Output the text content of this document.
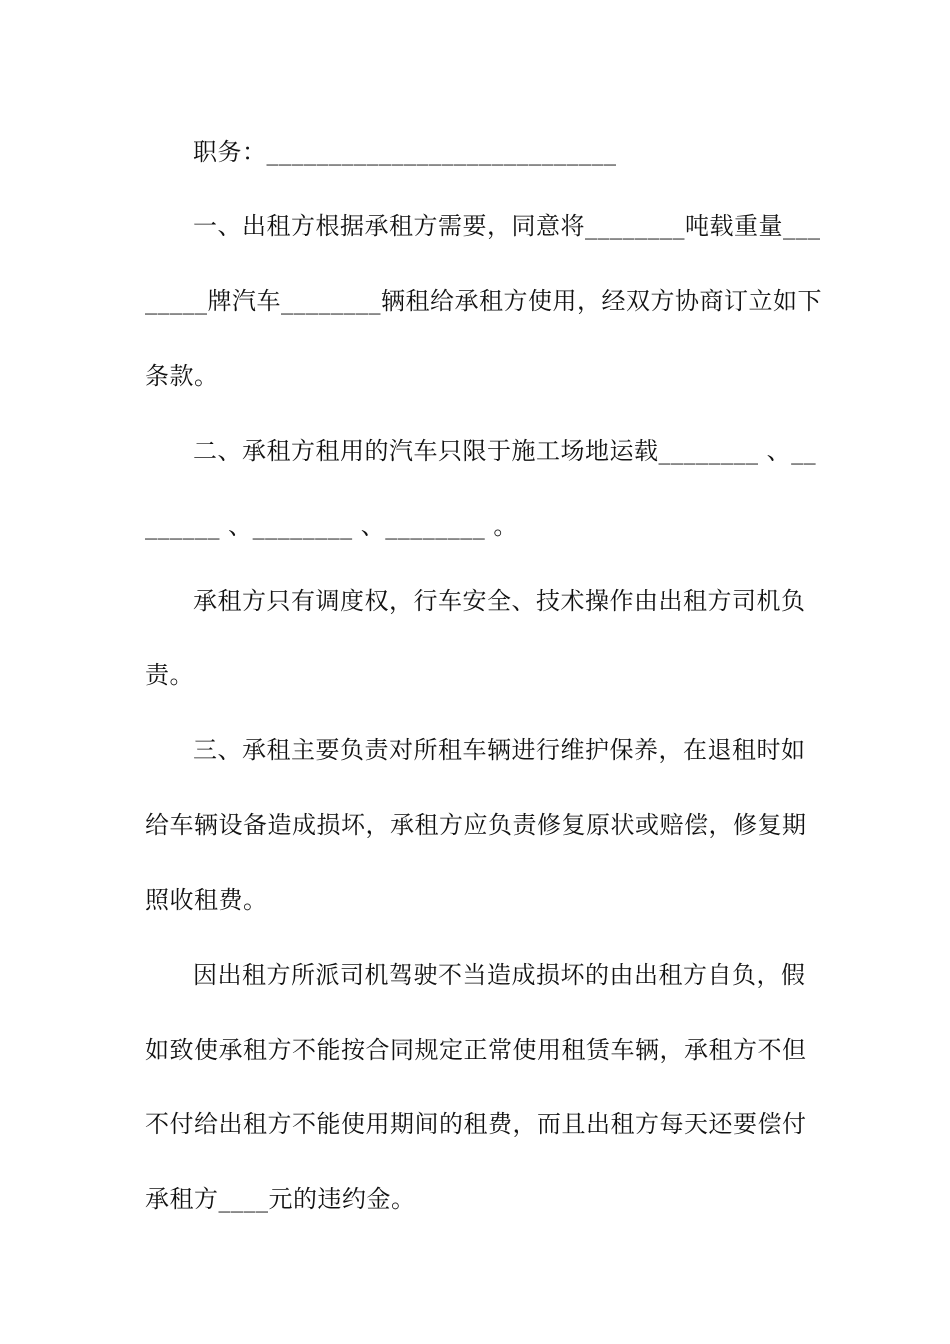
职务：____________________________
一、出租方根据承租方需要，同意将________吨载重量___
_____牌汽车________辆租给承租方使用，经双方协商订立如下
条款。
二、承租方租用的汽车只限于施工场地运载________ 、__
______ 、________ 、________ 。
承租方只有调度权，行车安全、技术操作由出租方司机负
责。
三、承租主要负责对所租车辆进行维护保养，在退租时如
给车辆设备造成损坏，承租方应负责修复原状或赔偿，修复期
照收租费。
因出租方所派司机驾驶不当造成损坏的由出租方自负，假
如致使承租方不能按合同规定正常使用租赁车辆，承租方不但
不付给出租方不能使用期间的租费，而且出租方每天还要偿付
承租方____元的违约金。
